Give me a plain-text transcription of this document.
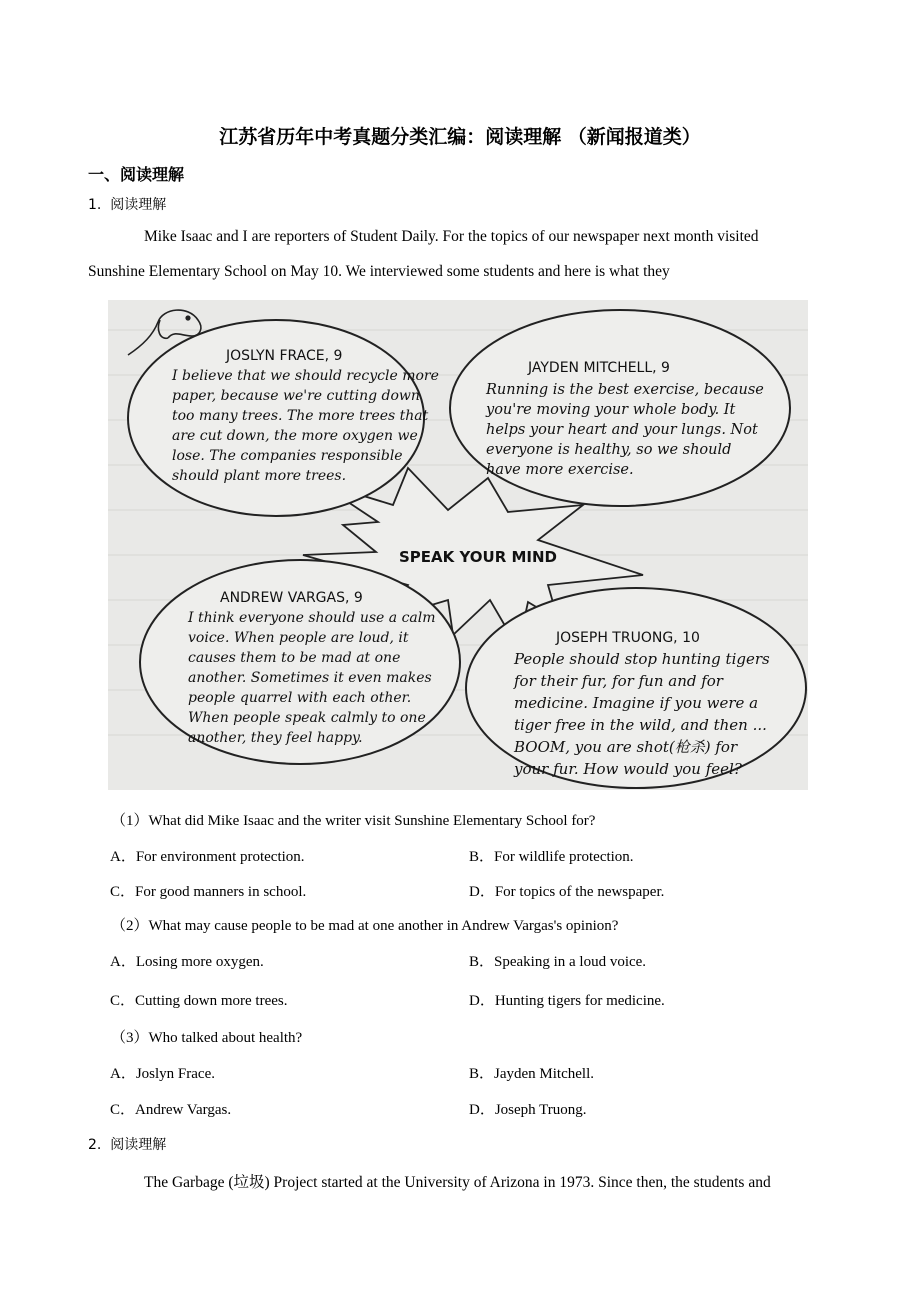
江苏省历年中考真题分类汇编：阅读理解 （新闻报道类）
一、阅读理解
1. 阅读理解
Mike Isaac and I are reporters of Student Daily. For the topics of our newspaper next month visited
Sunshine Elementary School on May 10. We interviewed some students and here is what they
SPEAK YOUR MIND
JOSLYN FRACE, 9 I believe that we should recycle more paper, because we're cutting down too many trees. The more trees that are cut down, the more oxygen we lose. The companies responsible should plant more trees.
JAYDEN MITCHELL, 9 Running is the best exercise, because you're moving your whole body. It helps your heart and your lungs. Not everyone is healthy, so we should have more exercise.
ANDREW VARGAS, 9 I think everyone should use a calm voice. When people are loud, it causes them to be mad at one another. Sometimes it even makes people quarrel with each other. When people speak calmly to one another, they feel happy.
JOSEPH TRUONG, 10 People should stop hunting tigers for their fur, for fun and for medicine. Imagine if you were a tiger free in the wild, and then ... BOOM, you are shot(枪杀) for your fur. How would you feel?
（1）What did Mike Isaac and the writer visit Sunshine Elementary School for?
A．For environment protection.	B．For wildlife protection.
C．For good manners in school.	D．For topics of the newspaper.
（2）What may cause people to be mad at one another in Andrew Vargas's opinion?
A．Losing more oxygen.	B．Speaking in a loud voice.
C．Cutting down more trees.	D．Hunting tigers for medicine.
（3）Who talked about health?
A．Joslyn Frace.	B．Jayden Mitchell.
C．Andrew Vargas.	D．Joseph Truong.
2. 阅读理解
The Garbage (垃圾) Project started at the University of Arizona in 1973. Since then, the students and
